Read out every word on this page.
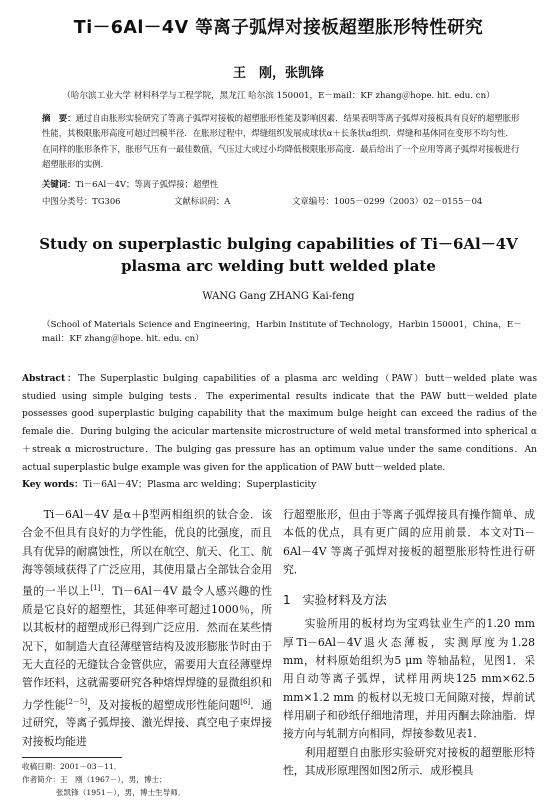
Ti－6Al－4V 等离子弧焊对接板超塑胀形特性研究
王　刚，张凯锋
（哈尔滨工业大学 材料科学与工程学院，黑龙江 哈尔滨 150001，E－mail：KF zhang＠hope. hit. edu. cn）
摘　要：通过自由胀形实验研究了等离子弧焊对接板的超塑胀形性能及影响因素．结果表明等离子弧焊对接板具有良好的超塑胀形性能，其极限胀形高度可超过凹模半径．在胀形过程中，焊缝组织发展成球状α＋长条状α组织．焊缝和基体同在变形不均匀性．在同样的胀形条件下，胀形气压有一最佳数值，气压过大或过小均降低极限胀形高度．最后给出了一个应用等离子弧焊对接板进行超塑胀形的实例．
关键词：Ti－6Al－4V；等离子弧焊接；超塑性
中图分类号：TG306	文献标识码：A	文章编号：1005－0299（2003）02－0155－04
Study on superplastic bulging capabilities of Ti－6Al－4V
plasma arc welding butt welded plate
WANG Gang ZHANG Kai-feng
（School of Materials Science and Engineering，Harbin Institute of Technology，Harbin 150001，China，E－mail：KF zhang＠hope. hit. edu. cn）
Abstract：The Superplastic bulging capabilities of a plasma arc welding（PAW）butt－welded plate was studied using simple bulging tests．The experimental results indicate that the PAW butt－welded plate possesses good superplastic bulging capability that the maximum bulge height can exceed the radius of the female die．During bulging the acicular martensite microstructure of weld metal transformed into spherical α＋streak α microstructure．The bulging gas pressure has an optimum value under the same conditions．An actual superplastic bulge example was given for the application of PAW butt－welded plate．
Key words：Ti－6Al－4V；Plasma arc welding；Superplasticity
Ti－6Al－4V 是α＋β型两相组织的钛合金．该合金不但具有良好的力学性能，优良的比强度，而且具有优异的耐腐蚀性，所以在航空、航天、化工、航海等领域获得了广泛应用，其使用量占全部钛合金用量的一半以上[1]．Ti－6Al－4V 最令人感兴趣的性质是它良好的超塑性，其延伸率可超过1000％，所以其板材的超塑成形已得到广泛应用．然而在某些情况下，如制造大直径薄壁管结构及波形膨胀节时由于无大直径的无缝钛合金管供应，需要用大直径薄壁焊管作坯料，这就需要研究各种熔焊焊缝的显微组织和力学性能[2－5]，及对接板的超塑成形性能问题[6]．通过研究，等离子弧焊接、激光焊接、真空电子束焊接对接板均能进
行超塑胀形，但由于等离子弧焊接具有操作简单、成本低的优点，具有更广阔的应用前景．本文对Ti－6Al－4V 等离子弧焊对接板的超塑胀形特性进行研究．
1　实验材料及方法
实验所用的板材均为宝鸡钛业生产的1.20 mm厚Ti－6Al－4V退火态薄板，实测厚度为1.28 mm，材料原始组织为5 μm 等轴晶粒，见图1．采用自动等离子弧焊，试样用两块125 mm×62.5 mm×1.2 mm 的板材以无坡口无间隙对接，焊前试样用刷子和砂纸仔细地清理，并用丙酮去除油脂．焊接方向与轧制方向相同，焊接参数见表1．
利用超塑自由胀形实验研究对接板的超塑胀形特性，其成形原理图如图2所示．成形模具
收稿日期：2001－03－11．
作者简介：王　刚（1967－），男，博士；
张凯锋（1951－），男，博士生导师．
